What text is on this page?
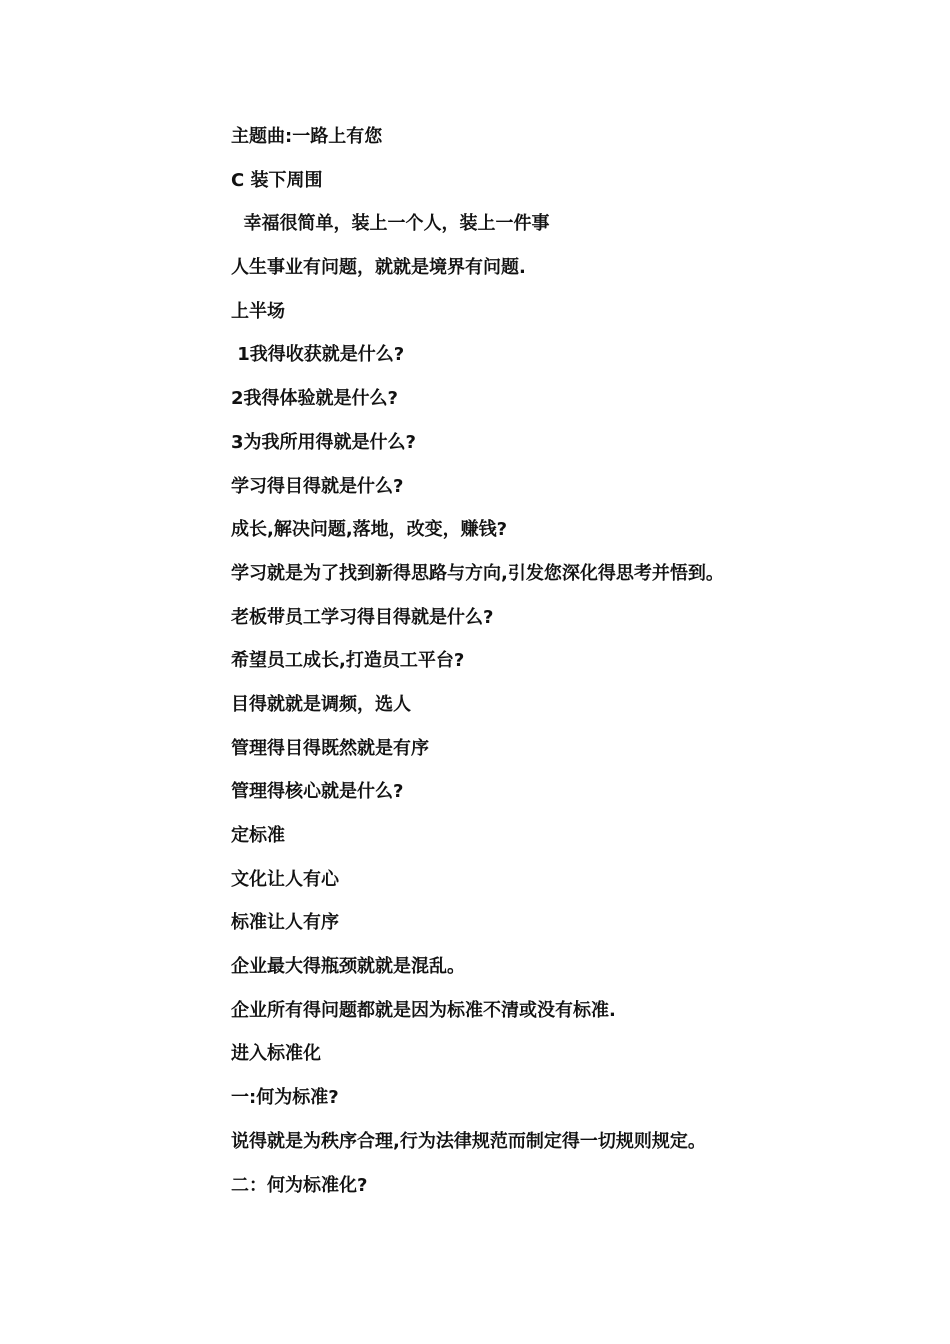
主题曲:一路上有您
C 装下周围
幸福很简单，装上一个人，装上一件事
人生事业有问题，就就是境界有问题.
上半场
1我得收获就是什么?
2我得体验就是什么?
3为我所用得就是什么?
学习得目得就是什么?
成长,解决问题,落地，改变，赚钱?
学习就是为了找到新得思路与方向,引发您深化得思考并悟到。
老板带员工学习得目得就是什么?
希望员工成长,打造员工平台?
目得就就是调频，选人
管理得目得既然就是有序
管理得核心就是什么?
定标准
文化让人有心
标准让人有序
企业最大得瓶颈就就是混乱。
企业所有得问题都就是因为标准不清或没有标准.
进入标准化
一:何为标准?
说得就是为秩序合理,行为法律规范而制定得一切规则规定。
二：何为标准化?
